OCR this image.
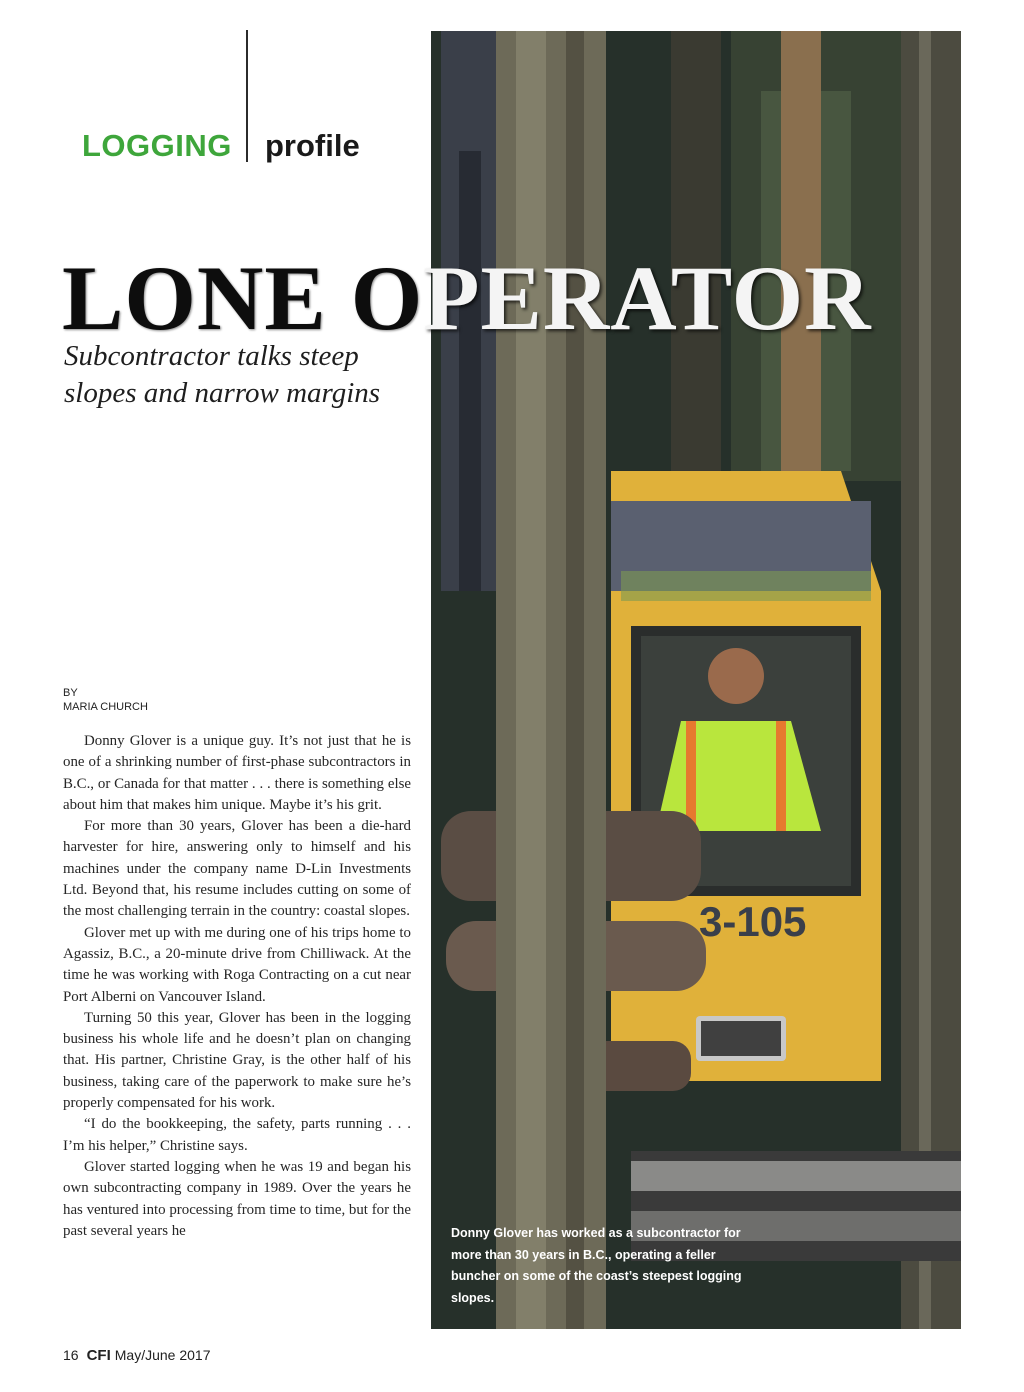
LOGGING profile
3-105
Donny Glover has worked as a subcontractor for more than 30 years in B.C., operating a feller buncher on some of the coast’s steepest logging slopes.
LONE OPERATOR
Subcontractor talks steep
slopes and narrow margins
BY
MARIA CHURCH

Donny Glover is a unique guy. It’s not just that he is one of a shrinking number of first-phase subcontractors in B.C., or Canada for that matter . . . there is something else about him that makes him unique. Maybe it’s his grit.

For more than 30 years, Glover has been a die-hard harvester for hire, answering only to himself and his machines under the company name D-Lin Investments Ltd. Beyond that, his resume includes cutting on some of the most challenging terrain in the country: coastal slopes.

Glover met up with me during one of his trips home to Agassiz, B.C., a 20-minute drive from Chilliwack. At the time he was working with Roga Contracting on a cut near Port Alberni on Vancouver Island.

Turning 50 this year, Glover has been in the logging business his whole life and he doesn’t plan on changing that. His partner, Christine Gray, is the other half of his business, taking care of the paperwork to make sure he’s properly compensated for his work.

“I do the bookkeeping, the safety, parts running . . . I’m his helper,” Christine says.

Glover started logging when he was 19 and began his own subcontracting company in 1989. Over the years he has ventured into processing from time to time, but for the past several years he

16 CFI May/June 2017
